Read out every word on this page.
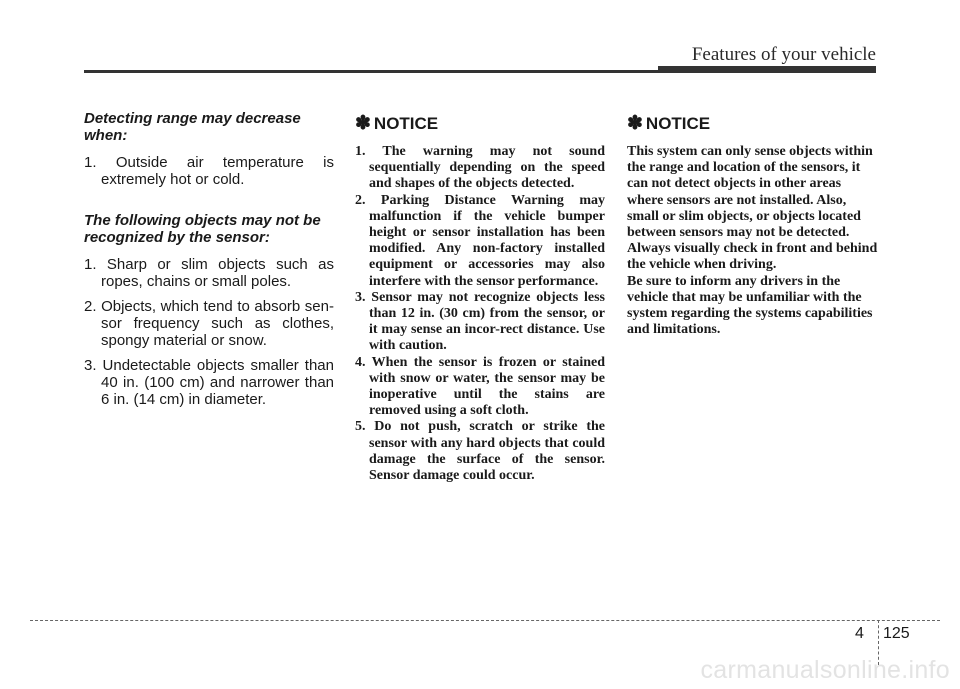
Features of your vehicle
Detecting range may decrease when:
1. Outside air temperature is extremely hot or cold.
The following objects may not be recognized by the sensor:
1. Sharp or slim objects such as ropes, chains or small poles.
2. Objects, which tend to absorb sen-sor frequency such as clothes, spongy material or snow.
3. Undetectable objects smaller than 40 in. (100 cm) and narrower than 6 in. (14 cm) in diameter.
✽ NOTICE
1. The warning may not sound sequentially depending on the speed and shapes of the objects detected.
2. Parking Distance Warning may malfunction if the vehicle bumper height or sensor installation has been modified. Any non-factory installed equipment or accessories may also interfere with the sensor performance.
3. Sensor may not recognize objects less than 12 in. (30 cm) from the sensor, or it may sense an incor-rect distance. Use with caution.
4. When the sensor is frozen or stained with snow or water, the sensor may be inoperative until the stains are removed using a soft cloth.
5. Do not push, scratch or strike the sensor with any hard objects that could damage the surface of the sensor. Sensor damage could occur.
✽ NOTICE

This system can only sense objects within the range and location of the sensors, it can not detect objects in other areas where sensors are not installed. Also, small or slim objects, or objects located between sensors may not be detected.

Always visually check in front and behind the vehicle when driving.

Be sure to inform any drivers in the vehicle that may be unfamiliar with the system regarding the systems capabilities and limitations.

4 125
carmanualsonline.info
